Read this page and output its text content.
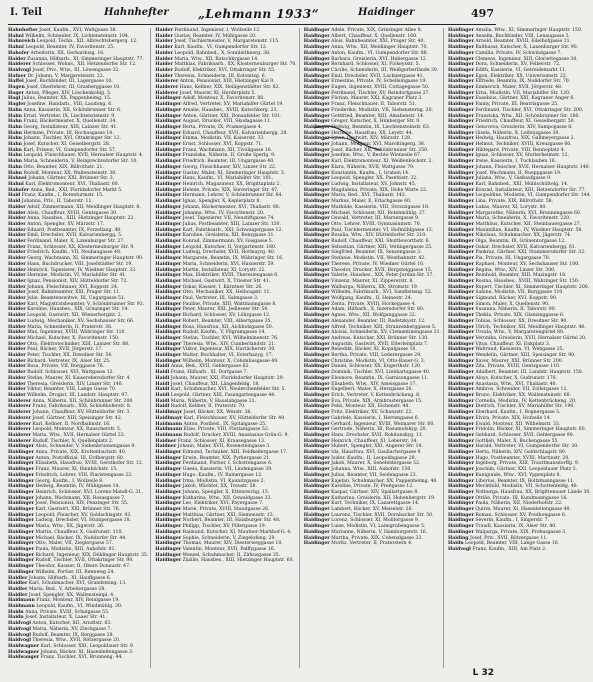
I. Teil	Hahnhefter „Lehmann 1933“	Haidinger	497
Hahnhefter Josef, Kaufm., XVI; Wattgasse 38.
Hahnl Wilhelm, Schneider, IX, Lichtensteinstr. 104.
Hahnreich Leopold, Techn., XII, Albrechtsbergerg. 12.
Hahnl Leopold, Beamter, IV, Favoritenstr. 25.
Hahofer Arbeiterin, XX, Gerhardusg. 16.
Haider Zusanna, Hilfsarb., XI, Simmeringer Hauptstr. 77.
Haiderer Schlosser, Wohns., XII, Hetzendorfer Str. 12.
Haidvogl Josef, Priv., Wtw., III, Löwengasse 32.
Hafner Dr. Johann, V, Margaretenstr. 23.
Haffel Josef, Buchbinder, III, Lagergasse 10.
Hagen Josef, Oberlehrer, III, Grasberggasse 10.
Hager Anton, Pfleger, XIV, Löschenkohlg. 5.
Hagl Julius, Beamter, XX, Pappenheimg. 15.
Hagler Josefine, Handarb., VIII, Laudong. 6.
Hahn Anna, Kassierin, XII, Schönbrunner Str. 6.
Hahn Ernst, Vertreter, IX, Liechtensteinstr. 9.
Hahn Franz, Bäckermeister, X, Quellenstr. 34.
Hahn Georg, Installateur, XIII, Lainzer Str. 41.
Hahn Hermine, Private, III, Rochusgasse 14.
Hahn Johann, Tischler, XVI, Ottakringer Str. 12.
Hahn Josef, Kutscher, XI, Geiselbergstr. 28.
Hahn Karl, Friseur, VI, Gumpendorfer Str. 57.
Hahn Leopold, Fleischhauer, XVII, Hernalser Hauptstr. 4.
Hahn Maria, Schneiderin, V, Reinprechtsdorfer Str. 10.
Hahn Otto, Beamter, XIX, Billrothstr. 21.
Hahn Rudolf, Monteur, XX, Wallensteinstr. 38.
Hahnel Johann, Gärtner, XXI, Brünner Str. 3.
Hahnl Karl, Elektromonteur, XVI, Thaliastr. 60.
Hahofer Anna, Bed., XXI, Floridsdorfer Markt 5.
Haid Franz, Kaufm., I, Rotenturmstr. 15.
Haid Johanna, Priv., II, Taborstr. 11.
Haider Adolf, Zimmermann, XII, Meidlinger Hauptstr. 8.
Haider Alois, Chauffeur, XVIII, Gentzgasse 30.
Haider Anna, Hausbes., XIII, Hietzinger Hauptstr. 22.
Haider Anton, Spengler, XV, Märzstr. 17.
Haider Eduard, Postbeamter, IX, Porzellang. 40.
Haider Emil, Drechsler, XVII, Kalvarienbergg. 5.
Haider Ferdinand, Maler, X, Laxenburger Str. 27.
Haider Franz, Schlosser, XX, Klosterneuburger Str. 9.
Haider Friedrich, Kaufm., VII, Neubaugasse 48.
Haider Georg, Wachmann, XI, Simmeringer Hauptstr. 90.
Haider Hans, Buchdrucker, VIII, Josefstädter Str. 19.
Haider Heinrich, Tapezierer, IV, Wiedner Hauptstr. 33.
Haider Hermine, Modistin, VI, Mariahilfer Str. 41.
Haider Ignaz, Pensionist, XIV, Hütteldorfer Str. 72.
Haider Johann, Fleischhauer, XVI, Koppstr. 24.
Haider Josef, Bahnbeamter, XXI, Prager Str. 11.
Haider Julie, Beamtenswitwe, III, Ungargasse 51.
Haider Karl, Magistratsbeamter, V, Schönbrunner Str. 93.
Haider Karoline, Hausbes., XIX, Grinzinger Str. 14.
Haider Leopold, Gastwirt, XII, Wienerbergstr. 2.
Haider Ludwig, Mechaniker, XV, Sechshauser Str. 66.
Haider Maria, Schneiderin, II, Praterstr. 38.
Haider Max, Ingenieur, XVIII, Währinger Str. 110.
Haider Michael, Kutscher, X, Favoritenstr. 150.
Haider Otto, Elektrotechniker, XIII, Lainzer Str. 88.
Haider Paul, Bäcker, XVII, Jörgerstr. 17.
Haider Peter, Tischler, XX, Dresdner Str. 54.
Haider Richard, Vertreter, IX, Alser Str. 25.
Haider Rosa, Private, VII, Burggasse 76.
Haider Rudolf, Schlosser, XVI, Wattgasse 12.
Haider Stefan, Maurer, XI, Kaiserebersdorfer Str. 4.
Haider Theresia, Greislerin, XIV, Linzer Str. 140.
Haider Viktor, Beamter, VIII, Lange Gasse 70.
Haider Wilhelm, Drogist, III, Landstr. Hauptstr. 97.
Haiderer Anna, Näherin, XII, Schönbrunner Str. 200.
Haiderer Franz, Fabriksarb., XXI, Schloßhoferstr. 8.
Haiderer Johann, Chauffeur, XV, Hütteldorfer Str. 3.
Haiderer Josef, Gärtner, XIII, Speisinger Str. 42.
Haiderer Karl, Kellner, II, Nordbahnstr. 16.
Haiderer Leopold, Monteur, XX, Rauscherstr. 5.
Haiderer Maria, Wtw., XVII, Hernalser Gürtel 33.
Haiderer Rudolf, Tischler, X, Quellenplatz 2.
Haidinger Alois, Schneider, V, Siebenbrunnengasse 9.
Haidinger Anna, Private, XIX, Krottenbachstr. 40.
Haidinger Anton, Postoffizial, III, Erdbergstr. 60.
Haidinger Elisabeth, Hausfrau, XVIII, Gersthofer Str. 12.
Haidinger Franz, Maurer, XI, Rinnböckstr. 15.
Haidinger Friedrich, Lehrer, VIII, Piaristengasse 22.
Haidinger Georg, Kaufm., I, Wollzeile 8.
Haidinger Hedwig, Beamtin, IV, Mühlgasse 14.
Haidinger Heinrich, Schlosser, XVI, Lorenz-Mandl-G. 31.
Haidinger Johann, Wachmann, XII, Rosasgasse 7.
Haidinger Josef, Pensionist, XIV, Penzinger Str. 55.
Haidinger Karl, Gastwirt, XXI, Brünner Str. 76.
Haidinger Leopold, Fleischer, XV, Goldschlagstr. 43.
Haidinger Ludwig, Drechsler, VI, Stumpergasse 18.
Haidinger Maria, Wtw., XX, Jägerstr. 26.
Haidinger Martin, Chauffeur, X, Gudrunstr. 110.
Haidinger Michael, Bäcker, IX, Nußdorfer Str. 44.
Haidinger Otto, Maler, VII, Zieglergasse 57.
Haidinger Paula, Modistin, XIII, Auhofstr. 81.
Haidinger Richard, Ingenieur, XIX, Döblinger Hauptstr. 35.
Haidinger Rudolf, Tischler, XVII, Ottakringer Str. 98.
Haidinger Theodor, Kassier, II, Obere Donaustr. 47.
Haidinger Wilhelm, Portier, III, Rennweg 24.
Haidler Johann, Hilfsarb., XI, Hauffgasse 6.
Haidler Karl, Schuhmacher, XVI, Grundsteing. 13.
Haidler Maria, Bed., V, Arbeitergasse 28.
Haidler Josef, Spengler, XX, Wallensteinpl. 4.
Haidmann Franz, Monteur, XIV, Reinlgasse 19.
Haidmann Leopold, Kaufm., VI, Windmühlg. 30.
Haidn Anna, Private, XVIII, Schulgasse 55.
Haidn Josef, Installateur, X, Laaer Str. 41.
Haidvogl Anton, Kutscher, XII, Arndtstr. 63.
Haidvogl Maria, Näherin, XV, Zinckgasse 7.
Haidvogl Rudolf, Beamter, IX, Berggasse 28.
Haidvogl Theresia, Wtw., XVII, Rötzergasse 20.
Haidwagner Karl, Schlosser, XXI, Leopoldauer Str. 9.
Haidwagner Johann, Bäcker, XI, Hasenleitengasse 3.
Haidwanger Franz, Tischler, XVI, Brunneng. 44.
Haider Ferdinand, Ingenieur, I, Wollzeile 12.
Haider Gustav, Beamter, IV, Mühlgasse 20.
Haider Josef, Tischlermeister, V, Margaretenstr. 115.
Haider Karl, Kaufm., VI, Gumpendorfer Str. 12.
Haider Leopold, Bahnbed., X, Sonnleithnerg. 38.
Haider Maria, Wtw., XII, Ratschkygasse 14.
Haider Matthias, Fabriksarb., XX, Klosterneuburger Str. 70.
Haider Rudolf, Elektriker, XVI, Ottakringer Str. 55.
Haider Theresia, Schneiderin, III, Kolonitzg. 6.
Haiderer Anton, Pensionist, XIII, Hietzinger Kai 9.
Haiderer Hans, Kellner, XIX, Heiligenstädter Str. 82.
Haiderer Josef, Maurer, XI, Herderplatz 5.
Haidinger Adolf, Monteur, X, Favoritenstr. 88.
Haidinger Alfred, Vertreter, XV, Mariahilfer Gürtel 19.
Haidinger Amalie, Hausbes., XVIII, Kutschkerg. 23.
Haidinger Anton, Gärtner, XXI, Donaufelder Str. 101.
Haidinger August, Drucker, VIII, Skodagasse 11.
Haidinger Berta, Private, IX, Pramergasse 4.
Haidinger Eduard, Chauffeur, XVII, Kalvarienbergg. 28.
Haidinger Emma, Modistin, VII, Kaiserstr. 33.
Haidinger Ernst, Schlosser, XVI, Koppstr. 71.
Haidinger Franz, Wachmann, XII, Tivoligasse 16.
Haidinger Franziska, Näherin, II, Große Sperlg. 9.
Haidinger Friedrich, Beamter, III, Ungargasse 40.
Haidinger Georg, Fleischhauer, XIV, Linzer Str. 22.
Haidinger Gustav, Maler, XI, Simmeringer Hauptstr. 3.
Haidinger Hans, Kaufm., VI, Mariahilfer Str. 101.
Haidinger Heinrich, Magazineur, XX, Brigittaplatz 2.
Haidinger Helene, Private, XIX, Sieveringer Str. 47.
Haidinger Hermann, Lehrer, V, Schönbrunner Str. 64.
Haidinger Ignaz, Spengler, X, Keplerplatz 8.
Haidinger Johann, Bäckermeister, XVI, Thaliastr. 88.
Haidinger Johanna, Wtw., IV, Favoritenstr. 20.
Haidinger Josef, Tapezierer, VII, Neustiftgasse 74.
Haidinger Julius, Postbeamter, XIII, Lainzer Str. 130.
Haidinger Karl, Fabriksarb., XXI, Schwaigergasse 12.
Haidinger Karoline, Greislerin, XII, Bonygasse 31.
Haidinger Konrad, Zimmermann, XV, Gasgasse 5.
Haidinger Leopold, Kutscher, II, Vorgartenstr. 160.
Haidinger Ludwig, Drechsler, XVII, Hormayrg. 40.
Haidinger Margarete, Beamtin, IX, Währinger Str. 16.
Haidinger Maria, Schneiderin, XVI, Hasnerstr. 59.
Haidinger Martin, Installateur, XI, Lorystr. 22.
Haidinger Max, Elektriker, XVIII, Theresiengasse 6.
Haidinger Michael, Gastwirt, X, Triester Str. 41.
Haidinger Oskar, Kassier, I, Kärntner Str. 26.
Haidinger Otto, Mechaniker, XX, Hellwagstr. 11.
Haidinger Paul, Vertreter, III, Salmgasse 3.
Haidinger Pauline, Private, XIII, Wattmanngasse 8.
Haidinger Peter, Maurer, XXI, Jedleseer Str. 54.
Haidinger Richard, Schlosser, XV, Löhrgasse 12.
Haidinger Robert, Beamter, VIII, Albertgasse 35.
Haidinger Rosa, Hausfrau, XII, Aichholzgasse 50.
Haidinger Rudolf, Kaufm., V, Pilgramgasse 14.
Haidinger Stefan, Tischler, XVI, Wilhelminenstr. 76.
Haidinger Theresia, Wtw., XIV, Cumberlandstr. 21.
Haidinger Viktor, Ingenieur, XIX, Hartäckerstr. 30.
Haidinger Walter, Buchhalter, VI, Esterhazyg. 17.
Haidinger Wilhelm, Monteur, X, Columbusgasse 49.
Haidl Anna, Bed., XVII, Geblergasse 62.
Haidl Franz, Hilfsarb., XI, Dorfgasse 7.
Haidl Johann, Maurer, XXI, Floridsdorfer Hauptstr. 29.
Haidl Josef, Chauffeur, XII, Längenfeldg. 18.
Haidl Karl, Schuhmacher, XVI, Neulerchenfelder Str. 5.
Haidl Leopold, Gärtner, XIII, Fasangartengasse 44.
Haidl Maria, Näherin, V, Hauslabgasse 21.
Haidl Rudolf, Kellner, II, Praterstr. 70.
Haidlmayr Josef, Bäcker, XX, Wexstr. 36.
Haidlmayr Karl, Fleischhauer, XV, Hütteldorfer Str. 40.
Haidmann Anton, Postbed., IX, Spitalgasse 25.
Haidmann Elise, Private, VIII, Florianigasse 52.
Haidmann Rudolf, Drucker, XVIII, Anastasius-Grün-G. 9.
Haidner Franz, Schlosser, XI, Krausegasse 13.
Haidner Johann, Maler, XVII, Rosensteingasse 3.
Haidinger Edmund, Techniker, XIII, Feldkellergasse 17.
Haidinger Erwin, Beamter, XIX, Pyrkergasse 21.
Haidinger Ferdinand, Portier, I, Schottengasse 6.
Haidinger Gisela, Kassierin, VII, Lindengasse 39.
Haidinger Hugo, Kaufm., IV, Rainergasse 12.
Haidinger Irma, Modistin, VI, Kaunitzgasse 2.
Haidinger Jakob, Wächter, XX, Treustr. 58.
Haidinger Johann, Spengler, X, Ettenreichg. 15.
Haidinger Katharina, Wtw., XII, Oswaldgasse 33.
Haidinger Leo, Elektriker, XVI, Payergasse 7.
Haidinger Marie, Private, XVIII, Staudgasse 26.
Haidinger Matthias, Gärtner, XXI, Siemensstr. 13.
Haidinger Norbert, Beamter, III, Hainburger Str. 48.
Haidinger Philipp, Tischler, XV, Pillergasse 19.
Haidinger Raimund, Kutscher, XI, Mautner-Markhof-G. 4.
Haidinger Sophie, Schneiderin, V, Ziegelofeng. 29.
Haidinger Thomas, Maurer, XIV, Diesterweggasse 10.
Haidinger Valentin, Monteur, XVII, Palffygasse 16.
Haidinger Wenzel, Schuhmacher, II, Zirkusgasse 35.
Haidinger Zäzilie, Hausbes., XIII, Hietzinger Hauptstr. 60.
Haidinger Adele, Private, XIX, Grinzinger Allee 8.
Haidinger Albert, Chauffeur, X, Quellenstr. 160.
Haidinger Alois, Bahnbeamter, XXI, Prager Str. 40.
Haidinger Anna, Wtw., XII, Meidlinger Hauptstr. 70.
Haidinger Anton, Kaufm., VI, Gumpendorfer Str. 88.
Haidinger Barbara, Greislerin, XVI, Hubergasse 12.
Haidinger Bernhard, Schlosser, XI, Fickeysstr. 5.
Haidinger Cäcilie, Schneiderin, III, Weißgerberlände 30.
Haidinger Emil, Drechsler, XVII, Lacknergasse 41.
Haidinger Ernestine, Private, IV, Schelleingasse 19.
Haidinger Eugen, Ingenieur, XVIII, Cottagegasse 50.
Haidinger Ferdinand, Tischler, XV, Reindorfgasse 27.
Haidinger Florian, Maurer, XXI, Kagraner Platz 3.
Haidinger Franz, Fleischhauer, II, Taborstr. 51.
Haidinger Friederike, Modistin, VII, Siebensterng. 20.
Haidinger Gottfried, Beamter, XIII, Amalienstr. 14.
Haidinger Gregor, Kutscher, X, Himberger Str. 9.
Haidinger Hedwig, Beamtin, IX, Liechtensteinstr. 63.
Haidinger Hermine, Hausfrau, XX, Leystr. 44.
Haidinger Ignaz, Gastwirt, XIV, Märzstr. 128.
Haidinger Johann, Monteur, XVI, Maroltingerg. 36.
Haidinger Josef, Bäcker, XII, Schönbrunner Str. 250.
Haidinger Josefine, Wtw., V, Rechte Wienzeile 67.
Haidinger Karl, Elektromonteur, XI, Weißenböckstr. 2.
Haidinger Klara, Näherin, XVII, Wattgasse 79.
Haidinger Konstantin, Kaufm., I, Graben 14.
Haidinger Leopold, Spengler, XX, Pasettistr. 32.
Haidinger Ludwig, Installateur, XV, Johnstr. 45.
Haidinger Magdalena, Private, XIX, Hohe Warte 22.
Haidinger Maria, Bed., XVI, Thaliastr. 142.
Haidinger Markus, Maler, X, Erlachgasse 60.
Haidinger Mathilde, Kassierin, VIII, Strozzigasse 18.
Haidinger Michael, Schlosser, XII, Rotenmühlg. 27.
Haidinger Oswald, Vertreter, III, Marxergasse 9.
Haidinger Otto, Lehrer, XVIII, Gymnasiumstr. 70.
Haidinger Paul, Tischlermeister, VI, Hofmühlgasse 13.
Haidinger Rosalia, Wtw., XIV, Hütteldorfer Str. 210.
Haidinger Rudolf, Chauffeur, XXI, Shuttleworthstr. 6.
Haidinger Sebastian, Gärtner, XIII, Veitingergasse 25.
Haidinger Siegfried, Beamter, IX, Sensengasse 3.
Haidinger Stefanie, Modistin, VII, Westbahnstr. 42.
Haidinger Therese, Private, IV, Wiedner Gürtel 10.
Haidinger Theodor, Drucker, XVII, Bergsteiggasse 15.
Haidinger Valerie, Hausbes., XIX, Peter-Jordan-Str. 37.
Haidinger Vinzenz, Maurer, XI, Zippererstr. 8.
Haidinger Walburga, Näherin, XX, Stromstr. 19.
Haidinger Wilhelm, Fabriksarb., XVI, Sandleiteng. 52.
Haidinger Wolfgang, Kaufm., II, Heinestr. 24.
Haidinger Zenta, Private, XVIII, Hockegasse 4.
Haidinger Adam, Hilfsarb., X, Inzersdorfer Str. 80.
Haidinger Agnes, Wtw., XII, Wolfganggasse 22.
Haidinger Alexander, Beamter, III, Radetzkystr. 12.
Haidinger Alfred, Techniker, XIII, Stranzenberggasse 5.
Haidinger Aloisia, Schneiderin, XV, Clementinengasse 31.
Haidinger Andreas, Kutscher, XXI, Brünner Str. 130.
Haidinger Augustin, Gastwirt, XVII, Elterleinplatz 7.
Haidinger Benedikt, Bäcker, XI, Kopalgasse 18.
Haidinger Bertha, Private, VIII, Lederergasse 29.
Haidinger Christine, Modistin, VI, Otto-Bauer-G. 3.
Haidinger Daniel, Schlosser, XX, Engerthstr. 120.
Haidinger Dominik, Tischler, XVI, Liebhartsgasse 40.
Haidinger Eleonore, Beamtin, IX, Garnisongasse 11.
Haidinger Elisabeth, Wtw., XIV, Ameisgasse 17.
Haidinger Engelbert, Maler, X, Herzgasse 26.
Haidinger Erich, Vertreter, V, Kettenbrückeng. 8.
Haidinger Eva, Private, XIX, Armbrustergasse 15.
Haidinger Felix, Monteur, XII, Eichenstr. 44.
Haidinger Fritz, Elektriker, XV, Schanzstr. 22.
Haidinger Gabriele, Kassierin, I, Herrengasse 6.
Haidinger Gerhard, Ingenieur, XVIII, Weimarer Str. 60.
Haidinger Gertrude, Näherin, III, Rasumofskyg. 20.
Haidinger Hans, Drechsler, XVII, Rokitanskyg. 11.
Haidinger Heinrich, Chauffeur, XI, Leberstr. 34.
Haidinger Hubert, Spengler, XXI, Angerer Str. 14.
Haidinger Ida, Hausfrau, XVI, Gaullachergasse 9.
Haidinger Isidor, Kaufm., II, Leopoldsgasse 28.
Haidinger Jakob, Maurer, X, Senefeldergasse 52.
Haidinger Johanna, Wtw., XIII, Auhofstr. 150.
Haidinger Julius, Beamter, VII, Seidengasse 23.
Haidinger Kajetan, Schuhmacher, XX, Pappenheimg. 40.
Haidinger Karoline, Private, IV, Preßgasse 12.
Haidinger Kaspar, Gärtner, XIV, Spallartgasse 8.
Haidinger Katharina, Greislerin, XII, Hohenbergstr. 19.
Haidinger Kurt, Techniker, IX, Lazarettgasse 14.
Haidinger Lambert, Bäcker, XV, Meiselstr. 26.
Haidinger Laurenz, Tischler, XVII, Dornbacher Str. 50.
Haidinger Lorenz, Schlosser, XI, Molitorgasse 9.
Haidinger Luise, Modistin, VI, Laimgrubengasse 5.
Haidinger Marianne, Näherin, V, Hamburgerstr. 16.
Haidinger Martha, Private, XIX, Cobenzlgasse 33.
Haidinger Moritz, Vertreter, II, Praterstern 4.
Haidinger Amalia, Wtw., XI, Simmeringer Hauptstr. 150.
Haidinger Anselm, Buchbinder, VIII, Lenaugasse 3.
Haidinger Arnold, Beamter, XVIII, Edelhofgasse 21.
Haidinger Balthasar, Kutscher, X, Laxenburger Str. 90.
Haidinger Camilla, Private, IV, Schwindgasse 7.
Haidinger Clemens, Ingenieur, XIII, Gloriettegasse 30.
Haidinger Dora, Schneiderin, XV, Felberstr. 72.
Haidinger Edith, Kassierin, VI, Getreidemarkt 11.
Haidinger Egon, Elektriker, XX, Universumstr. 22.
Haidinger Elfriede, Beamtin, IX, Nußdorfer Str. 70.
Haidinger Emmerich, Maler, XVII, Jörgerstr. 48.
Haidinger Erna, Modistin, VII, Mariahilfer Str. 120.
Haidinger Eusebius, Gärtner, XXI, Kagraner Anger 6.
Haidinger Fanny, Private, III, Beatrixgasse 25.
Haidinger Ferdinand, Tischler, XVI, Ottakringer Str. 200.
Haidinger Franziska, Wtw., XII, Schönbrunner Str. 180.
Haidinger Friedrich, Chauffeur, XI, Geiselbergstr. 50.
Haidinger Genoveva, Greislerin, XIV, Sampogasse 8.
Haidinger Gisela, Näherin, X, Leibnizgasse 39.
Haidinger Hedwig, Hausfrau, XIX, Gallmeyergasse 2.
Haidinger Helmut, Techniker, XVIII, Kreuzgasse 66.
Haidinger Hildegard, Private, VIII, Bennoplatz 4.
Haidinger Ignaz, Schlosser, XV, Stutterheimstr. 12.
Haidinger Irene, Kassierin, I, Tuchlauben 18.
Haidinger Johann, Fleischer, XVII, Hernalser Hauptstr. 140.
Haidinger Josef, Wachmann, II, Rueppgasse 19.
Haidinger Juliana, Wtw., V, Gießaufgasse 9.
Haidinger Karl, Bahnbed., XXI, Mühlschüttelg. 14.
Haidinger Konrad, Installateur, XIII, Hetzendorfer Str. 77.
Haidinger Leopoldine, Modistin, VI, Gumpendorfer Str. 144.
Haidinger Lina, Private, XIX, Billrothstr. 58.
Haidinger Lukas, Maurer, XI, Lorystr. 80.
Haidinger Margarethe, Näherin, XVI, Brunnengasse 60.
Haidinger Maria, Schneiderin, X, Favoritenstr. 220.
Haidinger Matthäus, Kutscher, XII, Steinbauergasse 27.
Haidinger Maximilian, Kaufm., IV, Wiedner Hauptstr. 58.
Haidinger Nikolaus, Schuhmacher, XX, Jägerstr. 74.
Haidinger Olga, Beamtin, IX, Grünentorgasse 12.
Haidinger Oskar, Drechsler, XVII, Kalvarienbergg. 61.
Haidinger Pankraz, Gärtner, XXI, Stammersdorfer Str. 32.
Haidinger Pia, Private, III, Ungargasse 70.
Haidinger Raphael, Monteur, XV, Sechshauser Str. 100.
Haidinger Regina, Wtw., XIV, Linzer Str. 300.
Haidinger Reinhold, Beamter, XIII, Maxingstr. 18.
Haidinger Rosina, Hausbes., XVIII, Währinger Str. 150.
Haidinger Rupert, Tischler, XI, Simmeringer Hauptstr. 200.
Haidinger Sabine, Modistin, VII, Burggasse 110.
Haidinger Sigmund, Bäcker, XVI, Koppstr. 90.
Haidinger Simon, Maler, X, Quellenstr. 90.
Haidinger Susanna, Näherin, II, Taborstr. 90.
Haidinger Thekla, Private, XIX, Glanzinggasse 6.
Haidinger Tobias, Schlosser, XX, Dresdner Str. 90.
Haidinger Ulrich, Techniker, XII, Meidlinger Hauptstr. 40.
Haidinger Ursula, Wtw., V, Margaretengürtel 80.
Haidinger Veronika, Greislerin, XVII, Hernalser Gürtel 20.
Haidinger Vitus, Chauffeur, XI, Enkplatz 3.
Haidinger Waltraud, Kassierin, VI, Webgasse 25.
Haidinger Wendelin, Gärtner, XIII, Speisinger Str. 90.
Haidinger Xaver, Maurer, XXI, Brünner Str. 200.
Haidinger Zita, Private, XVIII, Gentzgasse 110.
Haidinger Adalbert, Beamter, III, Landstr. Hauptstr. 150.
Haidinger Aloys, Kutscher, X, Gudrunstr. 170.
Haidinger Anastasia, Wtw., XVI, Thaliastr. 40.
Haidinger Ambros, Schneider, VII, Zollergasse 12.
Haidinger Bruno, Elektriker, XX, Wallensteinstr. 60.
Haidinger Cornelia, Modistin, IV, Kettenbrückeng. 20.
Haidinger Dietrich, Tischler, XV, Mariahilfer Str. 190.
Haidinger Eberhard, Kaufm., I, Bognergasse 5.
Haidinger Elvira, Private, XIX, Hofzeile 14.
Haidinger Ewald, Monteur, XII, Wilhelmstr. 33.
Haidinger Fridolin, Bäcker, XI, Simmeringer Hauptstr. 60.
Haidinger Gebhard, Schlosser, XVII, Geblergasse 90.
Haidinger Gottlieb, Maler, X, Buchengasse 55.
Haidinger Harald, Vertreter, VI, Gumpendorfer Str. 30.
Haidinger Herta, Näherin, XIV, Goldschlagstr. 80.
Haidinger Hugo, Postbeamter, XVIII, Martinstr. 20.
Haidinger Ingeborg, Private, XIII, Trauttmansdorffg. 9.
Haidinger Joachim, Gärtner, XXI, Leopoldauer Platz 5.
Haidinger Kunigunde, Wtw., XVI, Yppenplatz 8.
Haidinger Liborius, Beamter, IX, Boltzmanngasse 11.
Haidinger Mechthild, Modistin, VII, Schottenfeldg. 40.
Haidinger Notburga, Hausfrau, XX, Brigittenauer Lände 30.
Haidinger Ottilie, Private, III, Kundmanngasse 16.
Haidinger Paula, Näherin, XII, Niederhofstr. 22.
Haidinger Quirin, Maurer, XI, Hasenleitengasse 40.
Haidinger Roman, Schlosser, XV, Pouthongasse 6.
Haidinger Severin, Kaufm., I, Singerstr. 7.
Haidinger Traudl, Kassierin, IX, Alser Str. 40.
Haidinger Walpurga, Private, XIX, Probusgasse 3.
Haiding Josef, Priv., XVII, Rötzergasse 11.
Haidn Leopold, Beamter, VIII, Lange Gasse 16.
Haidvogl Franz, Kaufm., XIII, Am Platz 2.
L 32
